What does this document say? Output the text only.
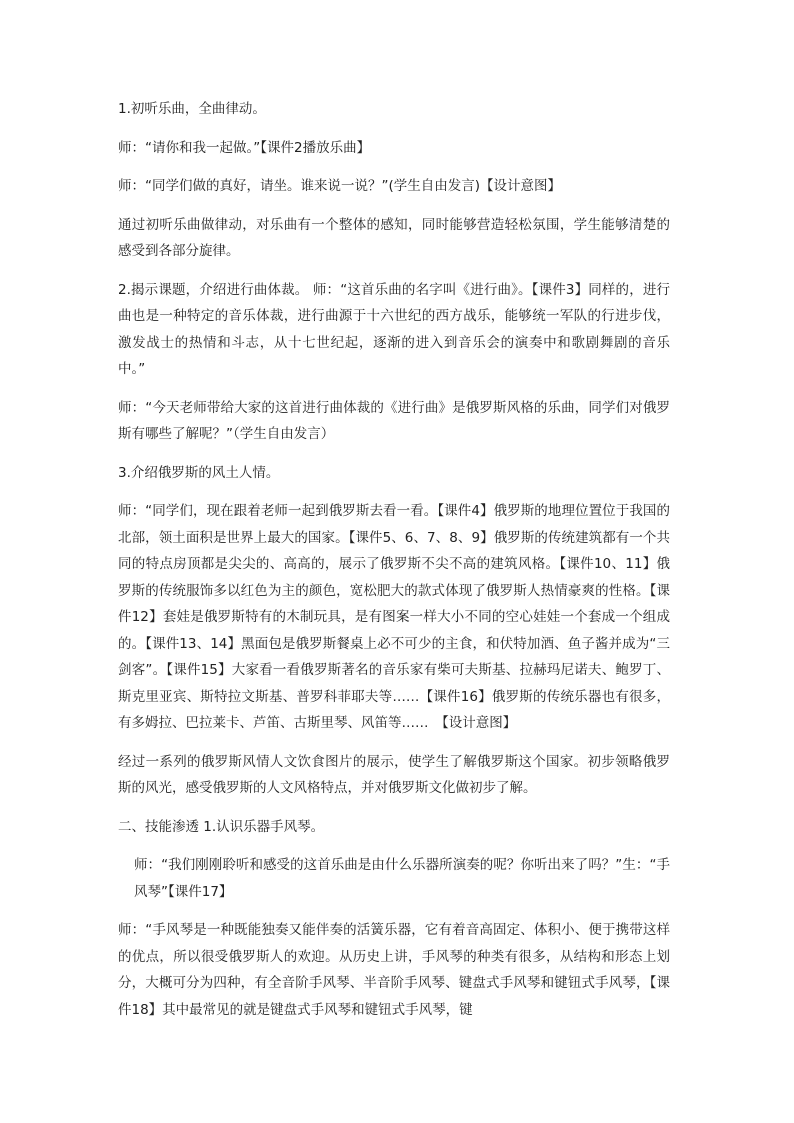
1.初听乐曲，全曲律动。

师：“请你和我一起做。”【课件2播放乐曲】

师：“同学们做的真好，请坐。谁来说一说？”(学生自由发言)【设计意图】

通过初听乐曲做律动，对乐曲有一个整体的感知，同时能够营造轻松氛围，学生能够清楚的感受到各部分旋律。

2.揭示课题，介绍进行曲体裁。 师：“这首乐曲的名字叫《进行曲》。【课件3】同样的，进行曲也是一种特定的音乐体裁，进行曲源于十六世纪的西方战乐，能够统一军队的行进步伐，激发战士的热情和斗志，从十七世纪起，逐渐的进入到音乐会的演奏中和歌剧舞剧的音乐中。”

师：“今天老师带给大家的这首进行曲体裁的《进行曲》是俄罗斯风格的乐曲，同学们对俄罗斯有哪些了解呢？”（学生自由发言）

3.介绍俄罗斯的风土人情。

师：“同学们，现在跟着老师一起到俄罗斯去看一看。【课件4】俄罗斯的地理位置位于我国的北部，领土面积是世界上最大的国家。【课件5、6、7、8、9】俄罗斯的传统建筑都有一个共同的特点房顶都是尖尖的、高高的，展示了俄罗斯不尖不高的建筑风格。【课件10、11】俄罗斯的传统服饰多以红色为主的颜色，宽松肥大的款式体现了俄罗斯人热情豪爽的性格。【课件12】套娃是俄罗斯特有的木制玩具，是有图案一样大小不同的空心娃娃一个套成一个组成的。【课件13、14】黑面包是俄罗斯餐桌上必不可少的主食，和伏特加酒、鱼子酱并成为“三剑客”。【课件15】大家看一看俄罗斯著名的音乐家有柴可夫斯基、拉赫玛尼诺夫、鲍罗丁、斯克里亚宾、斯特拉文斯基、普罗科菲耶夫等……【课件16】俄罗斯的传统乐器也有很多，有多姆拉、巴拉莱卡、芦笛、古斯里琴、风笛等……　【设计意图】

经过一系列的俄罗斯风情人文饮食图片的展示，使学生了解俄罗斯这个国家。初步领略俄罗斯的风光，感受俄罗斯的人文风格特点，并对俄罗斯文化做初步了解。

二、技能渗透 1.认识乐器手风琴。

师：“我们刚刚聆听和感受的这首乐曲是由什么乐器所演奏的呢？你听出来了吗？”生：“手风琴”【课件17】

师：“手风琴是一种既能独奏又能伴奏的活簧乐器，它有着音高固定、体积小、便于携带这样的优点，所以很受俄罗斯人的欢迎。从历史上讲，手风琴的种类有很多，从结构和形态上划分，大概可分为四种，有全音阶手风琴、半音阶手风琴、键盘式手风琴和键钮式手风琴，【课件18】其中最常见的就是键盘式手风琴和键钮式手风琴，键
